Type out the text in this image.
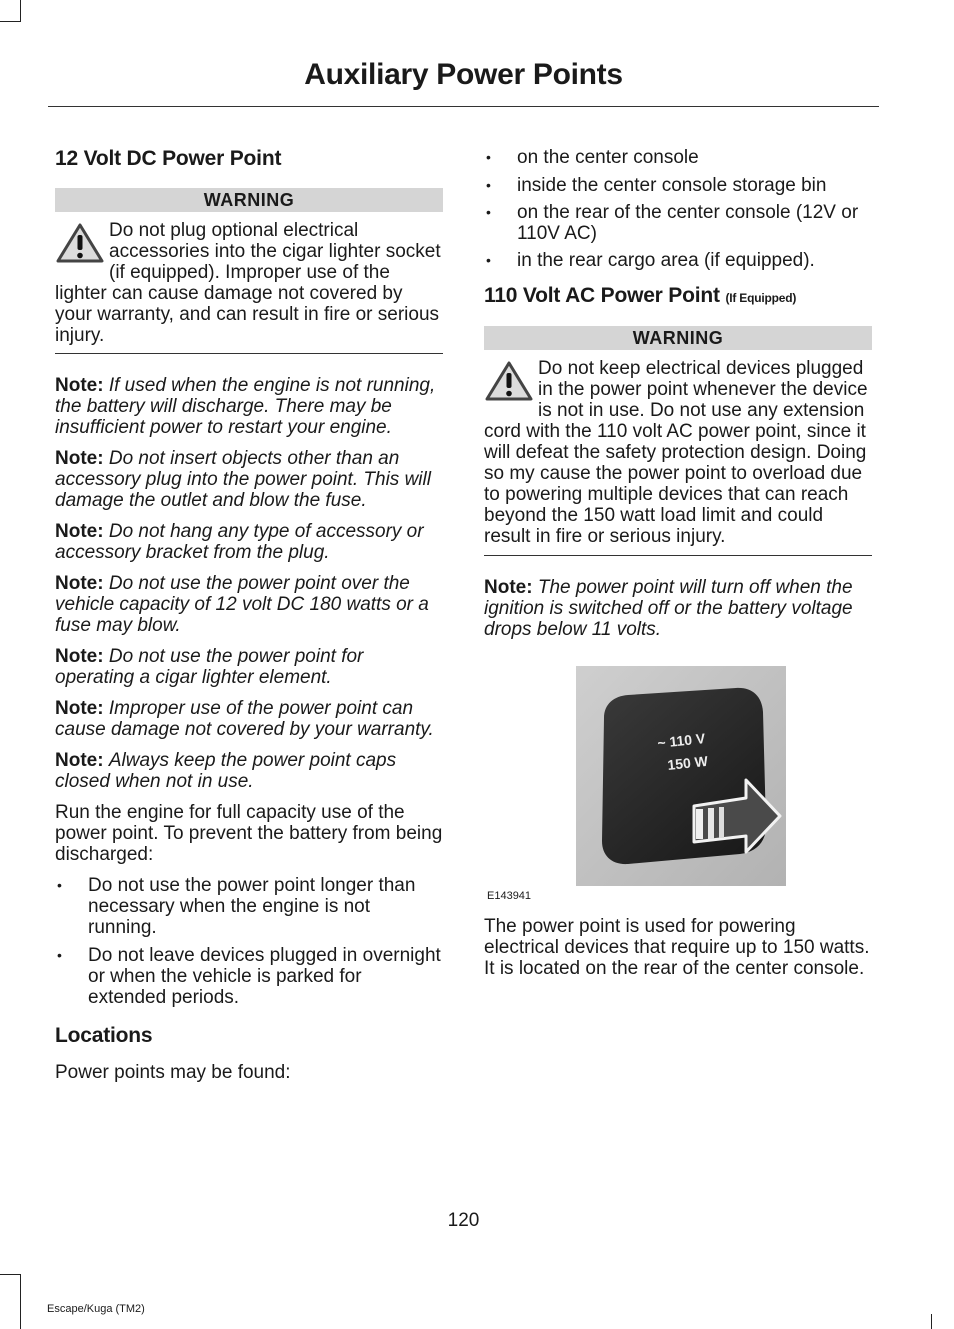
Auxiliary Power Points
12 Volt DC Power Point
WARNING
Do not plug optional electrical accessories into the cigar lighter socket (if equipped). Improper use of the lighter can cause damage not covered by your warranty, and can result in fire or serious injury.

Note: If used when the engine is not running, the battery will discharge. There may be insufficient power to restart your engine.

Note: Do not insert objects other than an accessory plug into the power point. This will damage the outlet and blow the fuse.

Note: Do not hang any type of accessory or accessory bracket from the plug.

Note: Do not use the power point over the vehicle capacity of 12 volt DC 180 watts or a fuse may blow.

Note: Do not use the power point for operating a cigar lighter element.

Note: Improper use of the power point can cause damage not covered by your warranty.

Note: Always keep the power point caps closed when not in use.

Run the engine for full capacity use of the power point. To prevent the battery from being discharged:

• Do not use the power point longer than necessary when the engine is not running.
• Do not leave devices plugged in overnight or when the vehicle is parked for extended periods.
Locations

Power points may be found:

• on the center console
• inside the center console storage bin
• on the rear of the center console (12V or 110V AC)
• in the rear cargo area (if equipped).
110 Volt AC Power Point (If Equipped)
WARNING
Do not keep electrical devices plugged in the power point whenever the device is not in use. Do not use any extension cord with the 110 volt AC power point, since it will defeat the safety protection design. Doing so my cause the power point to overload due to powering multiple devices that can reach beyond the 150 watt load limit and could result in fire or serious injury.

Note: The power point will turn off when the ignition is switched off or the battery voltage drops below 11 volts.

~ 110 V
150 W
E143941

The power point is used for powering electrical devices that require up to 150 watts. It is located on the rear of the center console.

120
Escape/Kuga (TM2)
